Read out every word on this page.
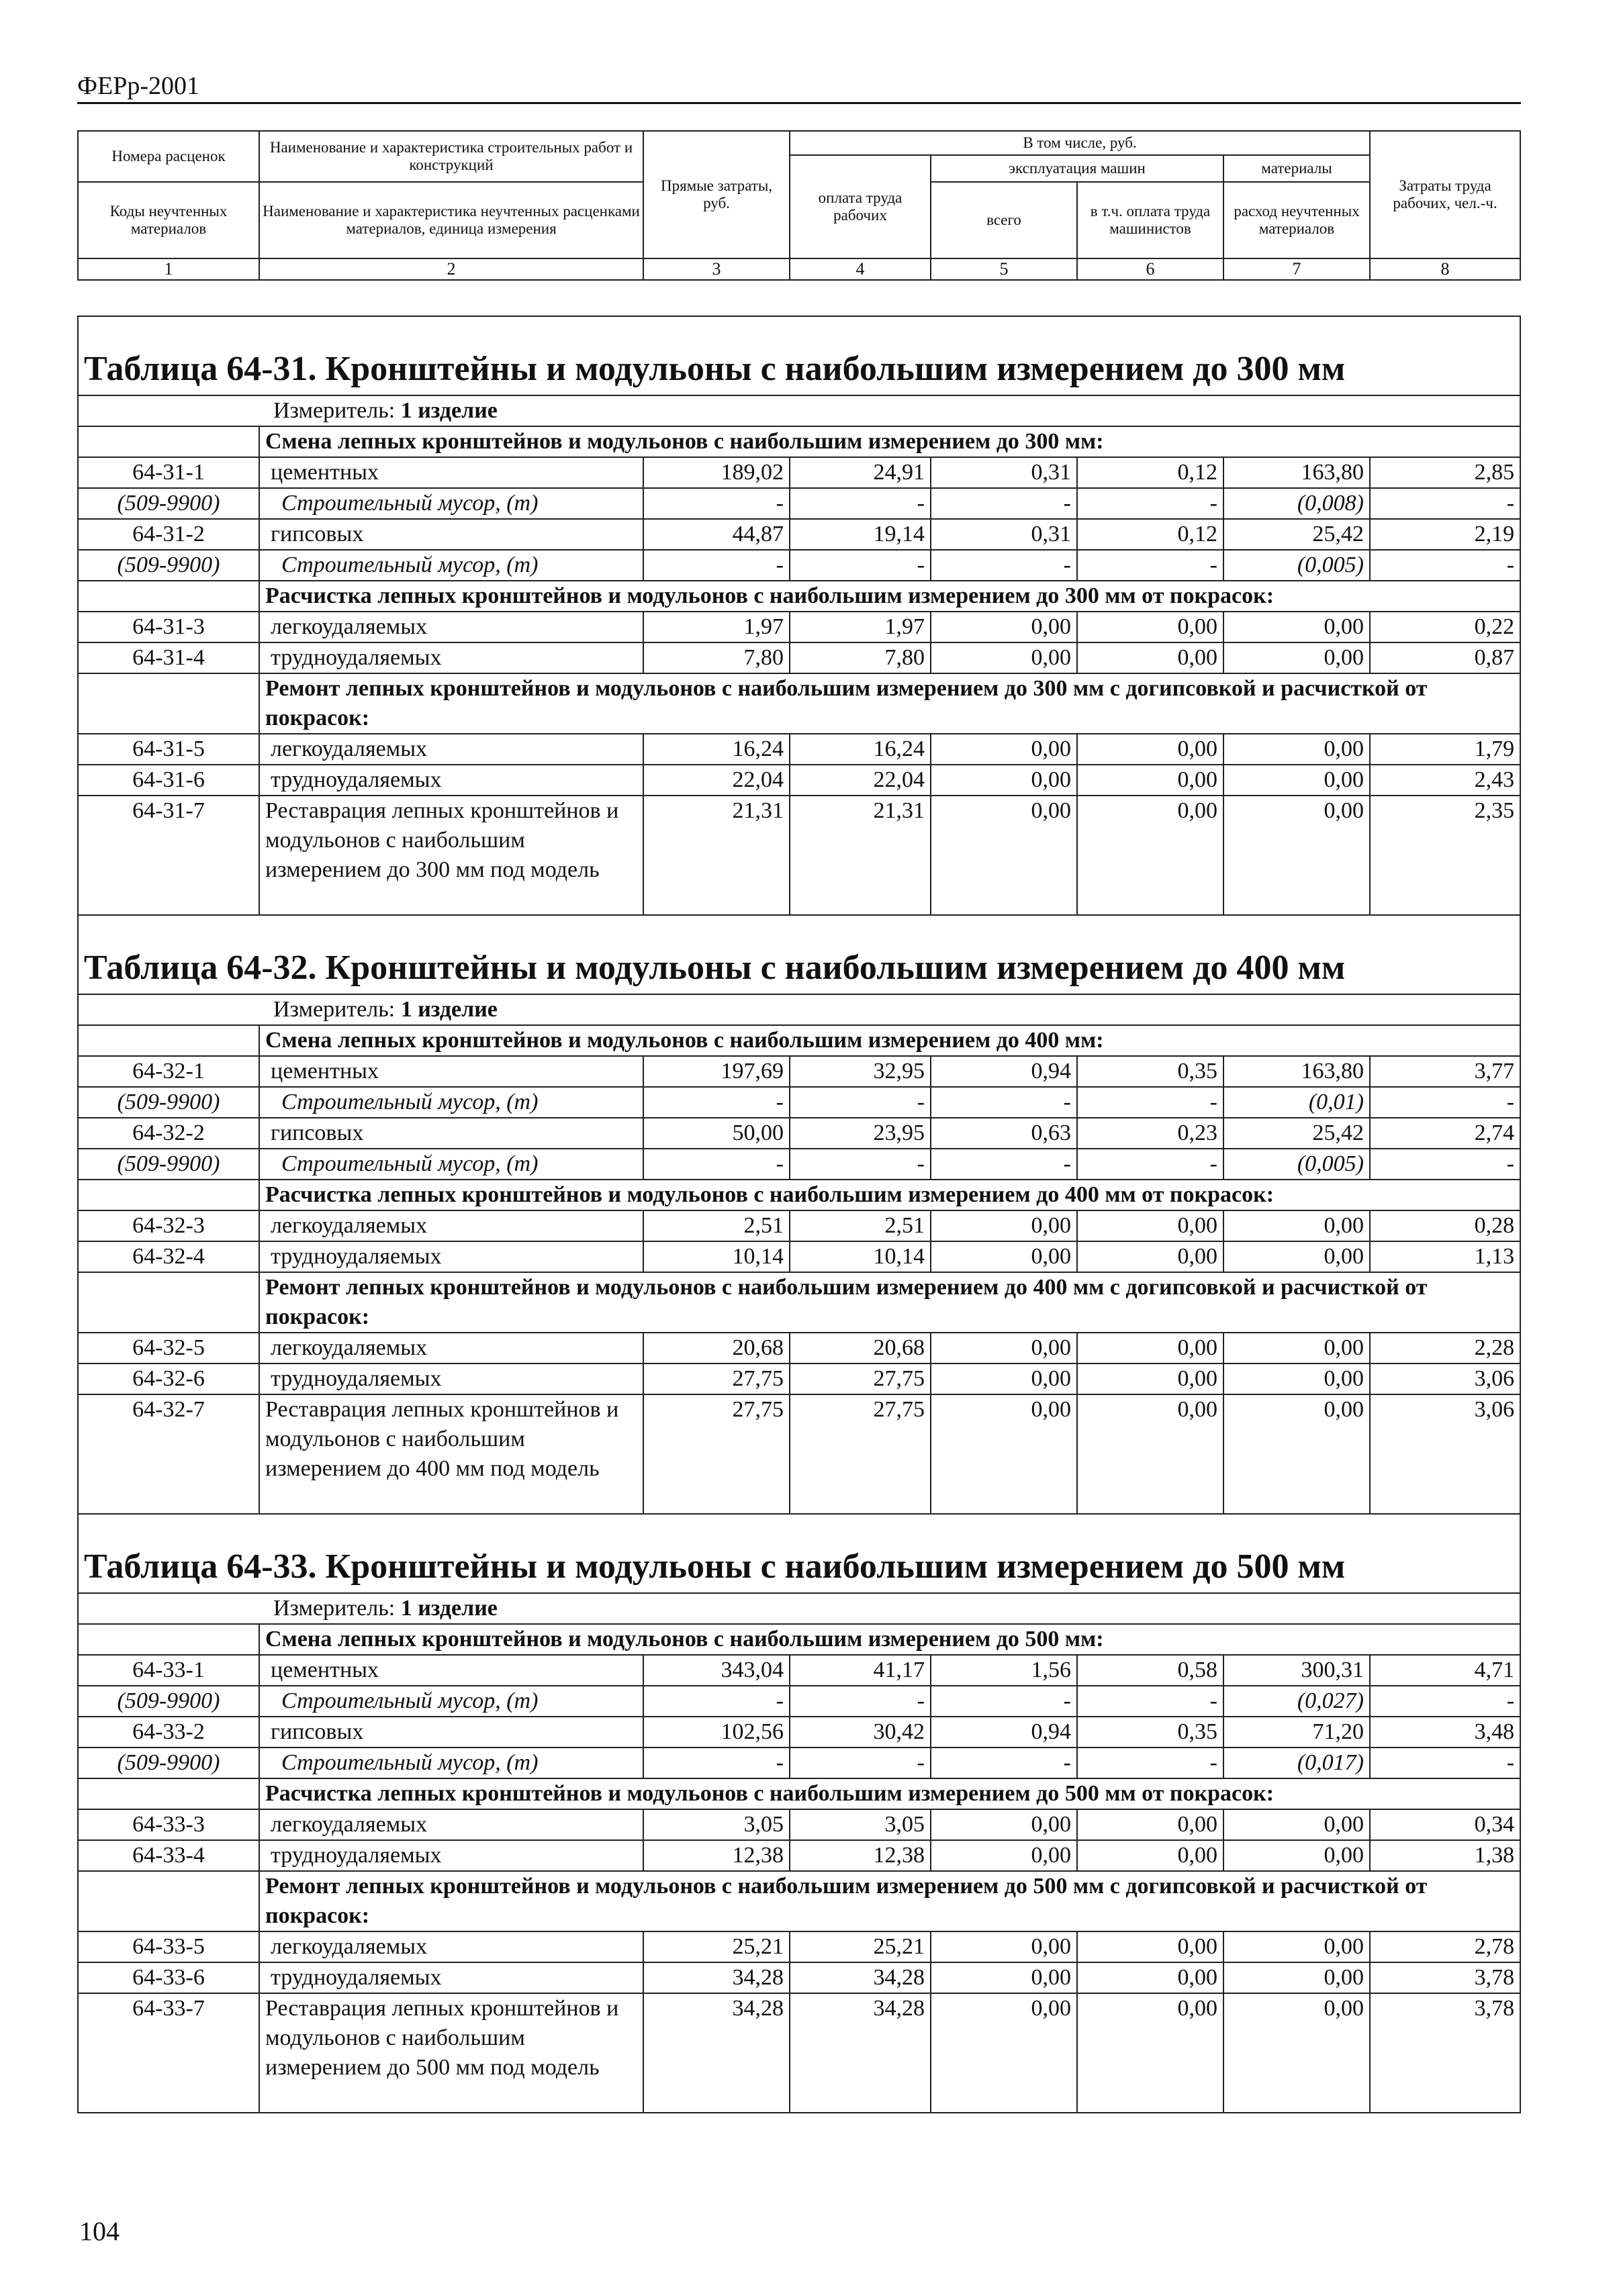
ФЕРр-2001
Номера расценок	Наименование и характеристика строительных работ и конструкций	Прямые затраты, руб.	В том числе, руб.				Затраты труда рабочих, чел.-ч.
			оплата труда рабочих	эксплуатация машин		материалы	
Коды неучтенных материалов	Наименование и характеристика неучтенных расценками материалов, единица измерения			всего	в т.ч. оплата труда машинистов	расход неучтенных материалов	

1	2	3	4	5	6	7	8
Таблица 64-31. Кронштейны и модульоны с наибольшим измерением до 300 мм							
Измеритель: 1 изделие							
	Смена лепных кронштейнов и модульонов с наибольшим измерением до 300 мм:						
64-31-1	цементных	189,02	24,91	0,31	0,12	163,80	2,85
(509-9900)	Строительный мусор, (т)	-	-	-	-	(0,008)	-
64-31-2	гипсовых	44,87	19,14	0,31	0,12	25,42	2,19
(509-9900)	Строительный мусор, (т)	-	-	-	-	(0,005)	-
	Расчистка лепных кронштейнов и модульонов с наибольшим измерением до 300 мм от покрасок:						
64-31-3	легкоудаляемых	1,97	1,97	0,00	0,00	0,00	0,22
64-31-4	трудноудаляемых	7,80	7,80	0,00	0,00	0,00	0,87
	Ремонт лепных кронштейнов и модульонов с наибольшим измерением до 300 мм с догипсовкой и расчисткой от покрасок:						
64-31-5	легкоудаляемых	16,24	16,24	0,00	0,00	0,00	1,79
64-31-6	трудноудаляемых	22,04	22,04	0,00	0,00	0,00	2,43
64-31-7	Реставрация лепных кронштейнов и модульонов с наибольшим измерением до 300 мм под модель	21,31	21,31	0,00	0,00	0,00	2,35
Таблица 64-32. Кронштейны и модульоны с наибольшим измерением до 400 мм							
Измеритель: 1 изделие							
	Смена лепных кронштейнов и модульонов с наибольшим измерением до 400 мм:						
64-32-1	цементных	197,69	32,95	0,94	0,35	163,80	3,77
(509-9900)	Строительный мусор, (т)	-	-	-	-	(0,01)	-
64-32-2	гипсовых	50,00	23,95	0,63	0,23	25,42	2,74
(509-9900)	Строительный мусор, (т)	-	-	-	-	(0,005)	-
	Расчистка лепных кронштейнов и модульонов с наибольшим измерением до 400 мм от покрасок:						
64-32-3	легкоудаляемых	2,51	2,51	0,00	0,00	0,00	0,28
64-32-4	трудноудаляемых	10,14	10,14	0,00	0,00	0,00	1,13
	Ремонт лепных кронштейнов и модульонов с наибольшим измерением до 400 мм с догипсовкой и расчисткой от покрасок:						
64-32-5	легкоудаляемых	20,68	20,68	0,00	0,00	0,00	2,28
64-32-6	трудноудаляемых	27,75	27,75	0,00	0,00	0,00	3,06
64-32-7	Реставрация лепных кронштейнов и модульонов с наибольшим измерением до 400 мм под модель	27,75	27,75	0,00	0,00	0,00	3,06
Таблица 64-33. Кронштейны и модульоны с наибольшим измерением до 500 мм							
Измеритель: 1 изделие							
	Смена лепных кронштейнов и модульонов с наибольшим измерением до 500 мм:						
64-33-1	цементных	343,04	41,17	1,56	0,58	300,31	4,71
(509-9900)	Строительный мусор, (т)	-	-	-	-	(0,027)	-
64-33-2	гипсовых	102,56	30,42	0,94	0,35	71,20	3,48
(509-9900)	Строительный мусор, (т)	-	-	-	-	(0,017)	-
	Расчистка лепных кронштейнов и модульонов с наибольшим измерением до 500 мм от покрасок:						
64-33-3	легкоудаляемых	3,05	3,05	0,00	0,00	0,00	0,34
64-33-4	трудноудаляемых	12,38	12,38	0,00	0,00	0,00	1,38
	Ремонт лепных кронштейнов и модульонов с наибольшим измерением до 500 мм с догипсовкой и расчисткой от покрасок:						
64-33-5	легкоудаляемых	25,21	25,21	0,00	0,00	0,00	2,78
64-33-6	трудноудаляемых	34,28	34,28	0,00	0,00	0,00	3,78
64-33-7	Реставрация лепных кронштейнов и модульонов с наибольшим измерением до 500 мм под модель	34,28	34,28	0,00	0,00	0,00	3,78
104
